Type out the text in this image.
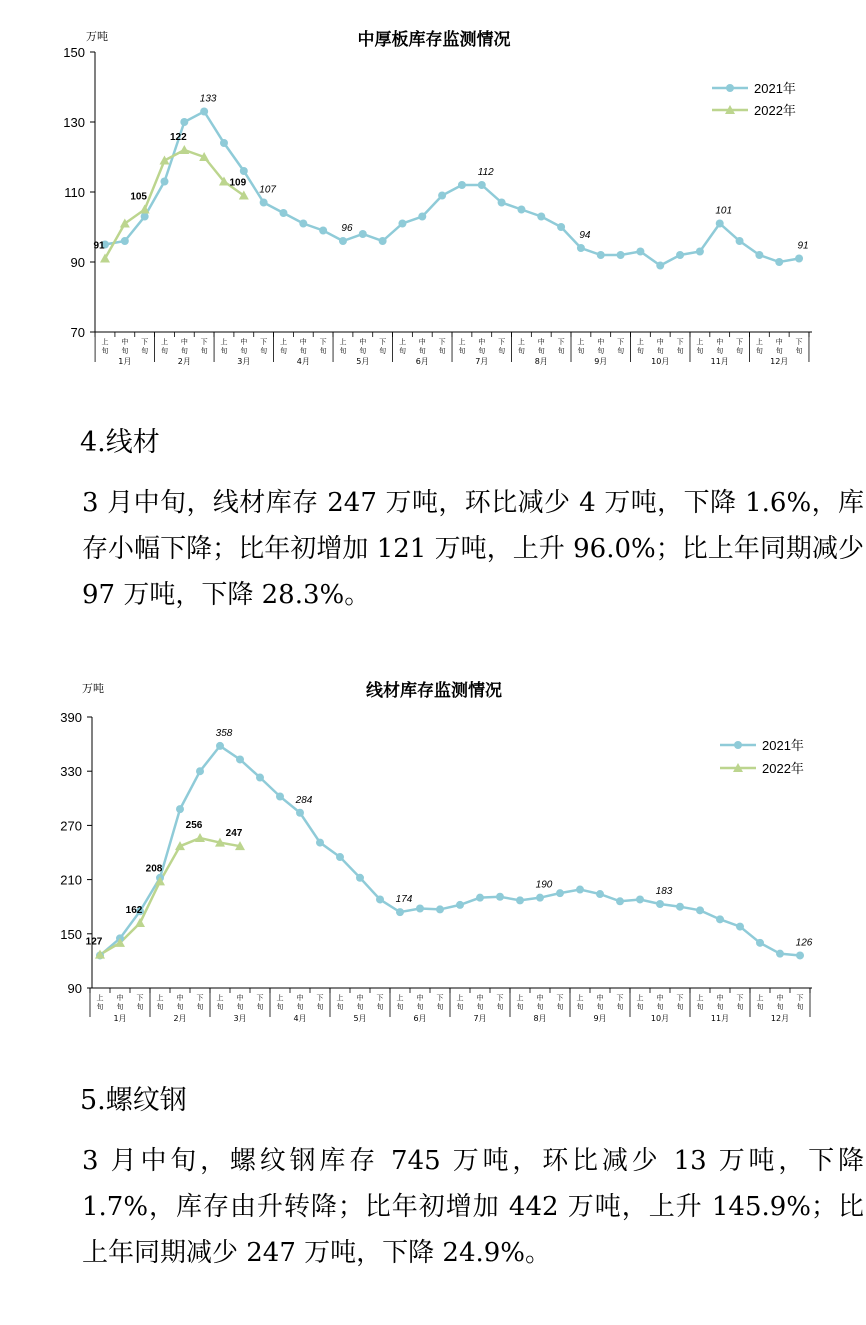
中厚板库存监测情况
万吨
2021年
2022年
70
90
110
130
150
上
旬
中
旬
下
旬
上
旬
中
旬
下
旬
上
旬
中
旬
下
旬
上
旬
中
旬
下
旬
上
旬
中
旬
下
旬
上
旬
中
旬
下
旬
上
旬
中
旬
下
旬
上
旬
中
旬
下
旬
上
旬
中
旬
下
旬
上
旬
中
旬
下
旬
上
旬
中
旬
下
旬
上
旬
中
旬
下
旬
1月	2月	3月	4月	5月	6月	7月	8月	9月	10月	11月	12月
133
107
96
112
94
101
91
91
105
122
109
4.线材

3 月中旬，线材库存 247 万吨，环比减少 4 万吨，下降 1.6%，库存小幅下降；比年初增加 121 万吨，上升 96.0%；比上年同期减少 97 万吨，下降 28.3%。

线材库存监测情况
万吨
2021年
2022年
90
150
210
270
330
390
上
旬
中
旬
下
旬
上
旬
中
旬
下
旬
上
旬
中
旬
下
旬
上
旬
中
旬
下
旬
上
旬
中
旬
下
旬
上
旬
中
旬
下
旬
上
旬
中
旬
下
旬
上
旬
中
旬
下
旬
上
旬
中
旬
下
旬
上
旬
中
旬
下
旬
上
旬
中
旬
下
旬
上
旬
中
旬
下
旬
1月	2月	3月	4月	5月	6月	7月	8月	9月	10月	11月	12月
358
284
174
190
183
126
127
162
208
256
247
5.螺纹钢

3 月中旬，螺纹钢库存 745 万吨，环比减少 13 万吨，下降 1.7%，库存由升转降；比年初增加 442 万吨，上升 145.9%；比上年同期减少 247 万吨，下降 24.9%。
